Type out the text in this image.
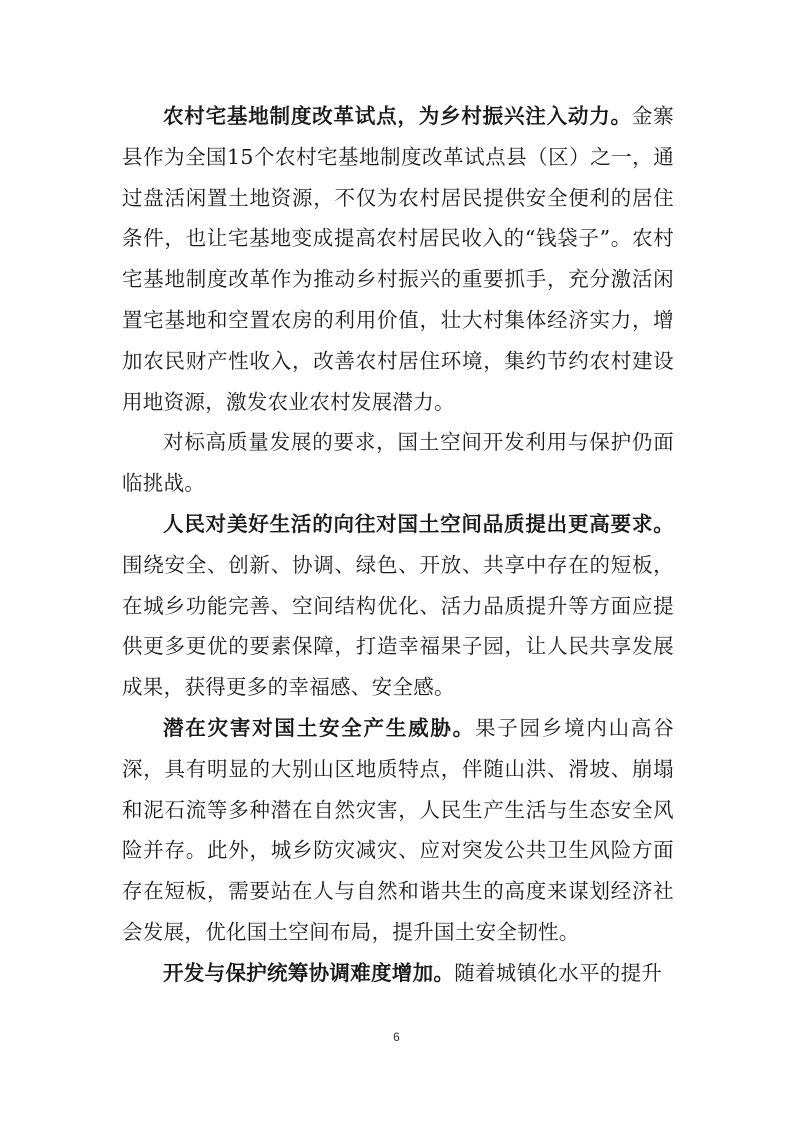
农村宅基地制度改革试点，为乡村振兴注入动力。金寨县作为全国15个农村宅基地制度改革试点县（区）之一，通过盘活闲置土地资源，不仅为农村居民提供安全便利的居住条件，也让宅基地变成提高农村居民收入的“钱袋子”。农村宅基地制度改革作为推动乡村振兴的重要抓手，充分激活闲置宅基地和空置农房的利用价值，壮大村集体经济实力，增加农民财产性收入，改善农村居住环境，集约节约农村建设用地资源，激发农业农村发展潜力。

对标高质量发展的要求，国土空间开发利用与保护仍面临挑战。

人民对美好生活的向往对国土空间品质提出更高要求。围绕安全、创新、协调、绿色、开放、共享中存在的短板，在城乡功能完善、空间结构优化、活力品质提升等方面应提供更多更优的要素保障，打造幸福果子园，让人民共享发展成果，获得更多的幸福感、安全感。

潜在灾害对国土安全产生威胁。果子园乡境内山高谷深，具有明显的大别山区地质特点，伴随山洪、滑坡、崩塌和泥石流等多种潜在自然灾害，人民生产生活与生态安全风险并存。此外，城乡防灾减灾、应对突发公共卫生风险方面存在短板，需要站在人与自然和谐共生的高度来谋划经济社会发展，优化国土空间布局，提升国土安全韧性。

开发与保护统筹协调难度增加。随着城镇化水平的提升

6
